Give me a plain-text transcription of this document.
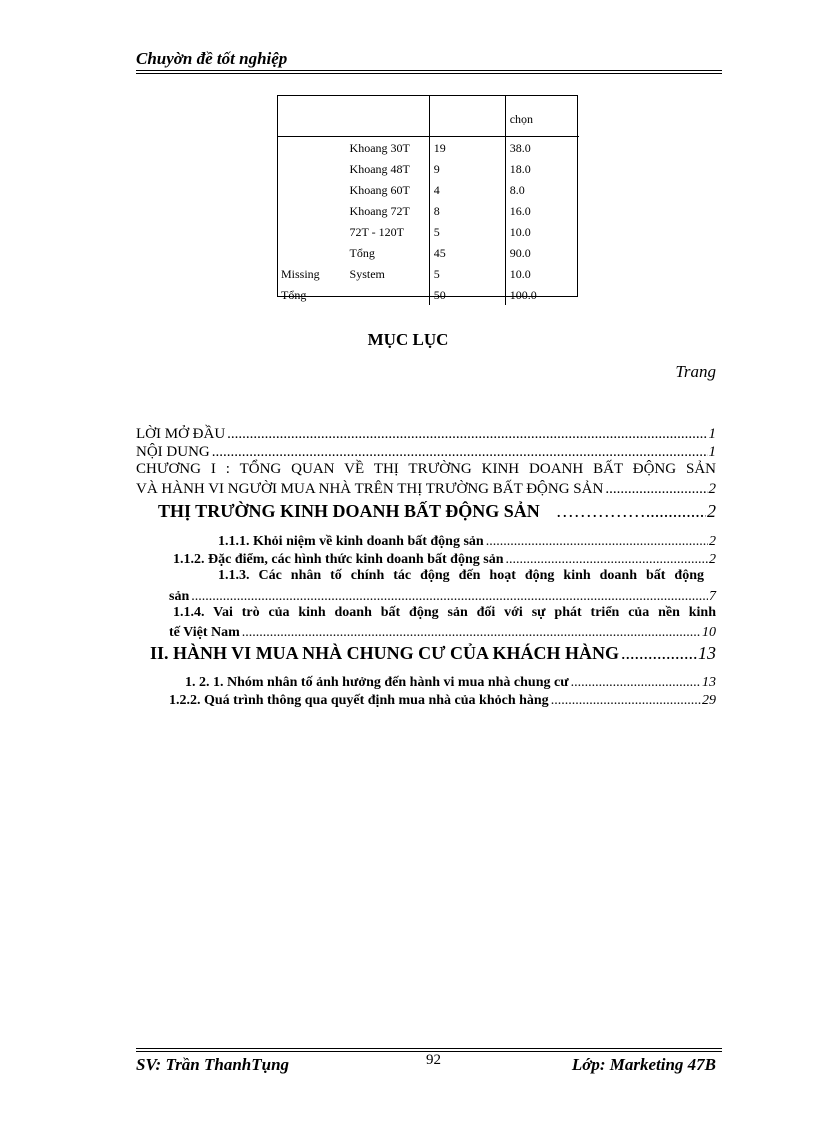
Chuyờn đề tốt nghiệp
			chọn
	Khoang 30T	19	38.0
	Khoang 48T	9	18.0
	Khoang 60T	4	8.0
	Khoang 72T	8	16.0
	72T - 120T	5	10.0
	Tổng	45	90.0
Missing	System	5	10.0
Tổng		50	100.0
MỤC LỤC
Trang
LỜI MỞ ĐẦU .....	1
NỘI DUNG .....	1
CHƯƠNG I : TỔNG QUAN VỀ THỊ TRƯỜNG KINH DOANH BẤT ĐỘNG SẢN
VÀ HÀNH VI NGƯỜI MUA NHÀ TRÊN THỊ TRƯỜNG BẤT ĐỘNG SẢN .....	2
THỊ TRƯỜNG KINH DOANH BẤT ĐỘNG SẢN ……………. .....	2
1.1.1. Khỏi niệm về kinh doanh bất động sản .....	2
1.1.2. Đặc điểm, các hình thức kinh doanh bất động sản .....	2
1.1.3. Các nhân tố chính tác động đến hoạt động kinh doanh bất động
sản .....	7
1.1.4. Vai trò của kinh doanh bất động sản đối với sự phát triển của nền kinh
tế Việt Nam .....	10
II. HÀNH VI MUA NHÀ CHUNG CƯ CỦA KHÁCH HÀNG .....	13
1. 2. 1. Nhóm nhân tố ảnh hưởng đến hành vi mua nhà chung cư .....	13
1.2.2. Quá trình thông qua quyết định mua nhà của khỏch hàng .....	29
SV: Trần ThanhTụng	92	Lớp: Marketing 47B
